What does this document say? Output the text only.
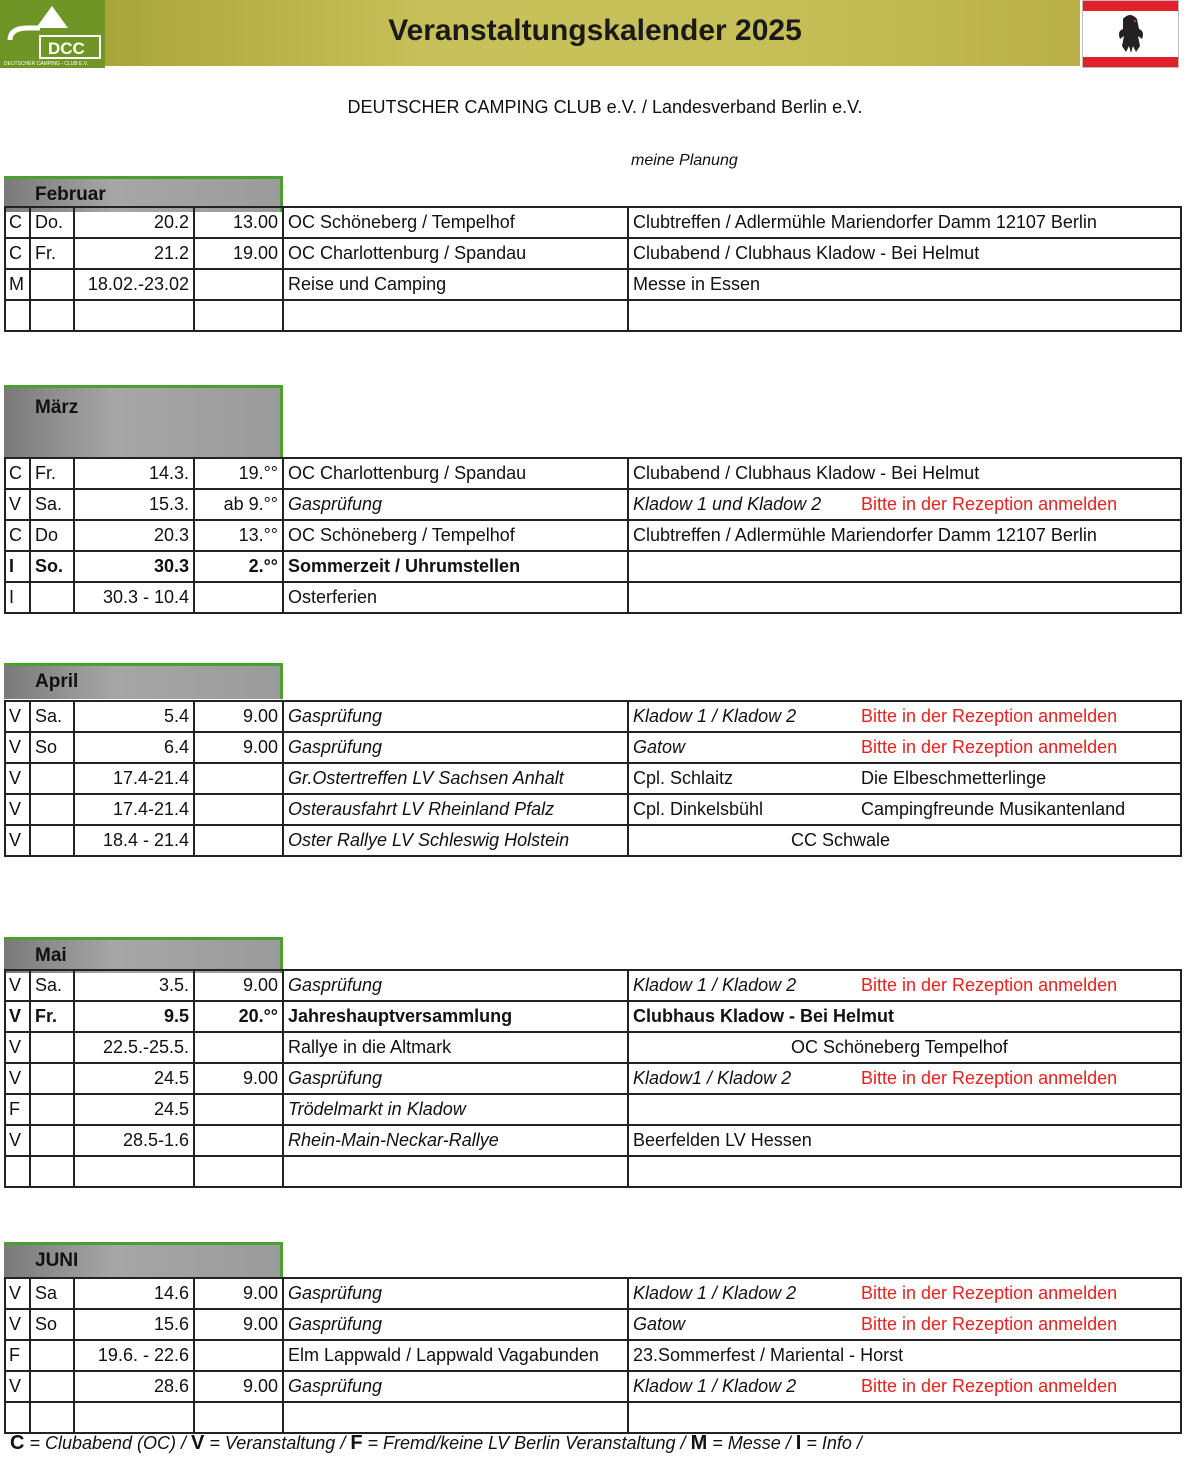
DCC
DEUTSCHER CAMPING - CLUB E.V.
Veranstaltungskalender 2025
DEUTSCHER CAMPING CLUB e.V. / Landesverband Berlin e.V.
meine Planung
Februar
C	Do.	20.2	13.00	OC Schöneberg / Tempelhof	Clubtreffen / Adlermühle Mariendorfer Damm 12107 Berlin
C	Fr.	21.2	19.00	OC Charlottenburg / Spandau	Clubabend / Clubhaus Kladow - Bei Helmut
M		18.02.-23.02		Reise und Camping	Messe in Essen

März
C	Fr.	14.3.	19.°°	OC Charlottenburg / Spandau	Clubabend / Clubhaus Kladow - Bei Helmut
V	Sa.	15.3.	ab 9.°°	Gasprüfung	Kladow 1 und Kladow 2 Bitte in der Rezeption anmelden
C	Do	20.3	13.°°	OC Schöneberg / Tempelhof	Clubtreffen / Adlermühle Mariendorfer Damm 12107 Berlin
I	So.	30.3	2.°°	Sommerzeit / Uhrumstellen	
I		30.3 - 10.4		Osterferien	
April
V	Sa.	5.4	9.00	Gasprüfung	Kladow 1 / Kladow 2 Bitte in der Rezeption anmelden
V	So	6.4	9.00	Gasprüfung	Gatow Bitte in der Rezeption anmelden
V		17.4-21.4		Gr.Ostertreffen LV Sachsen Anhalt	Cpl. Schlaitz Die Elbeschmetterlinge
V		17.4-21.4		Osterausfahrt LV Rheinland Pfalz	Cpl. Dinkelsbühl Campingfreunde Musikantenland
V		18.4 - 21.4		Oster Rallye LV Schleswig Holstein	CC Schwale
Mai
V	Sa.	3.5.	9.00	Gasprüfung	Kladow 1 / Kladow 2 Bitte in der Rezeption anmelden
V	Fr.	9.5	20.°°	Jahreshauptversammlung	Clubhaus Kladow - Bei Helmut
V		22.5.-25.5.		Rallye in die Altmark	OC Schöneberg Tempelhof
V		24.5	9.00	Gasprüfung	Kladow1 / Kladow 2 Bitte in der Rezeption anmelden
F		24.5		Trödelmarkt in Kladow	
V		28.5-1.6		Rhein-Main-Neckar-Rallye	Beerfelden LV Hessen

JUNI
V	Sa	14.6	9.00	Gasprüfung	Kladow 1 / Kladow 2 Bitte in der Rezeption anmelden
V	So	15.6	9.00	Gasprüfung	Gatow Bitte in der Rezeption anmelden
F		19.6. - 22.6		Elm Lappwald / Lappwald Vagabunden	23.Sommerfest / Mariental - Horst
V		28.6	9.00	Gasprüfung	Kladow 1 / Kladow 2 Bitte in der Rezeption anmelden

C = Clubabend (OC) / V = Veranstaltung / F = Fremd/keine LV Berlin Veranstaltung / M = Messe / I = Info /
